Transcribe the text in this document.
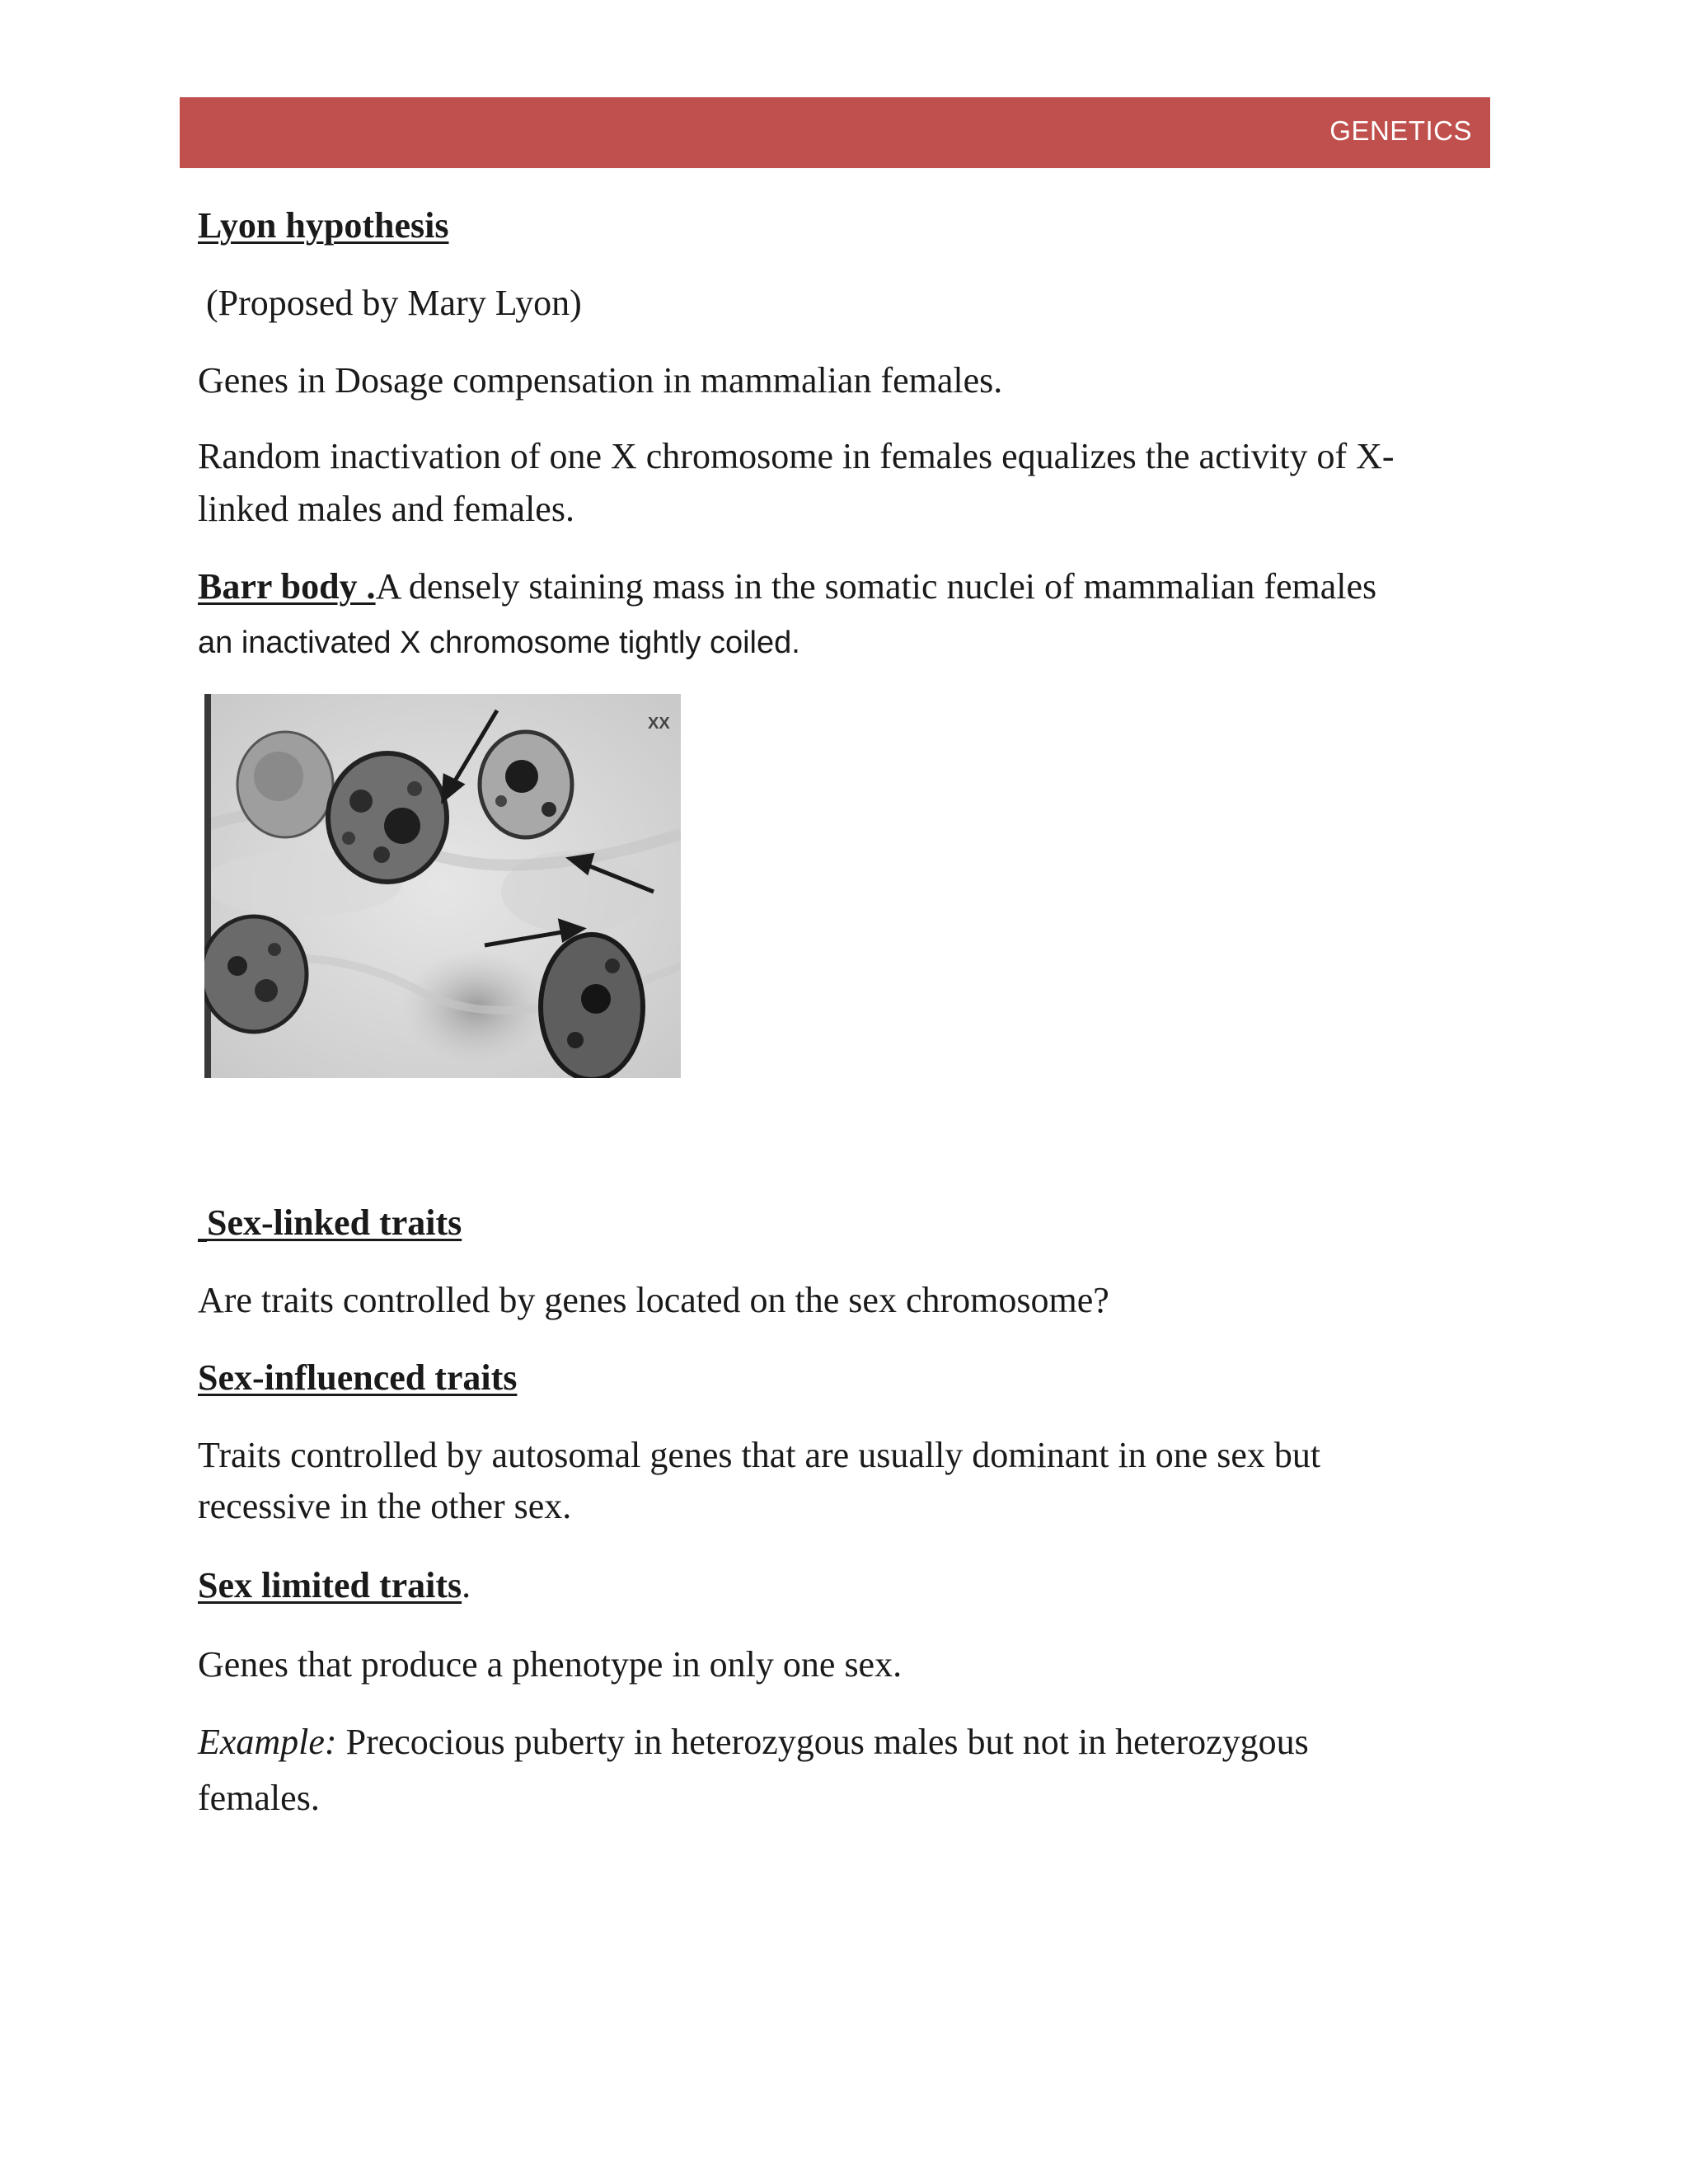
GENETICS

Lyon hypothesis

(Proposed by Mary Lyon)

Genes in Dosage compensation in mammalian females.

Random inactivation of one X chromosome in females equalizes the activity of X-

linked males and females.

Barr body .A densely staining mass in the somatic nuclei of mammalian females

an inactivated X chromosome tightly coiled.

XX

Sex-linked traits

Are traits controlled by genes located on the sex chromosome?

Sex-influenced traits

Traits controlled by autosomal genes that are usually dominant in one sex but

recessive in the other sex.

Sex limited traits.

Genes that produce a phenotype in only one sex.

Example: Precocious puberty in heterozygous males but not in heterozygous

females.
